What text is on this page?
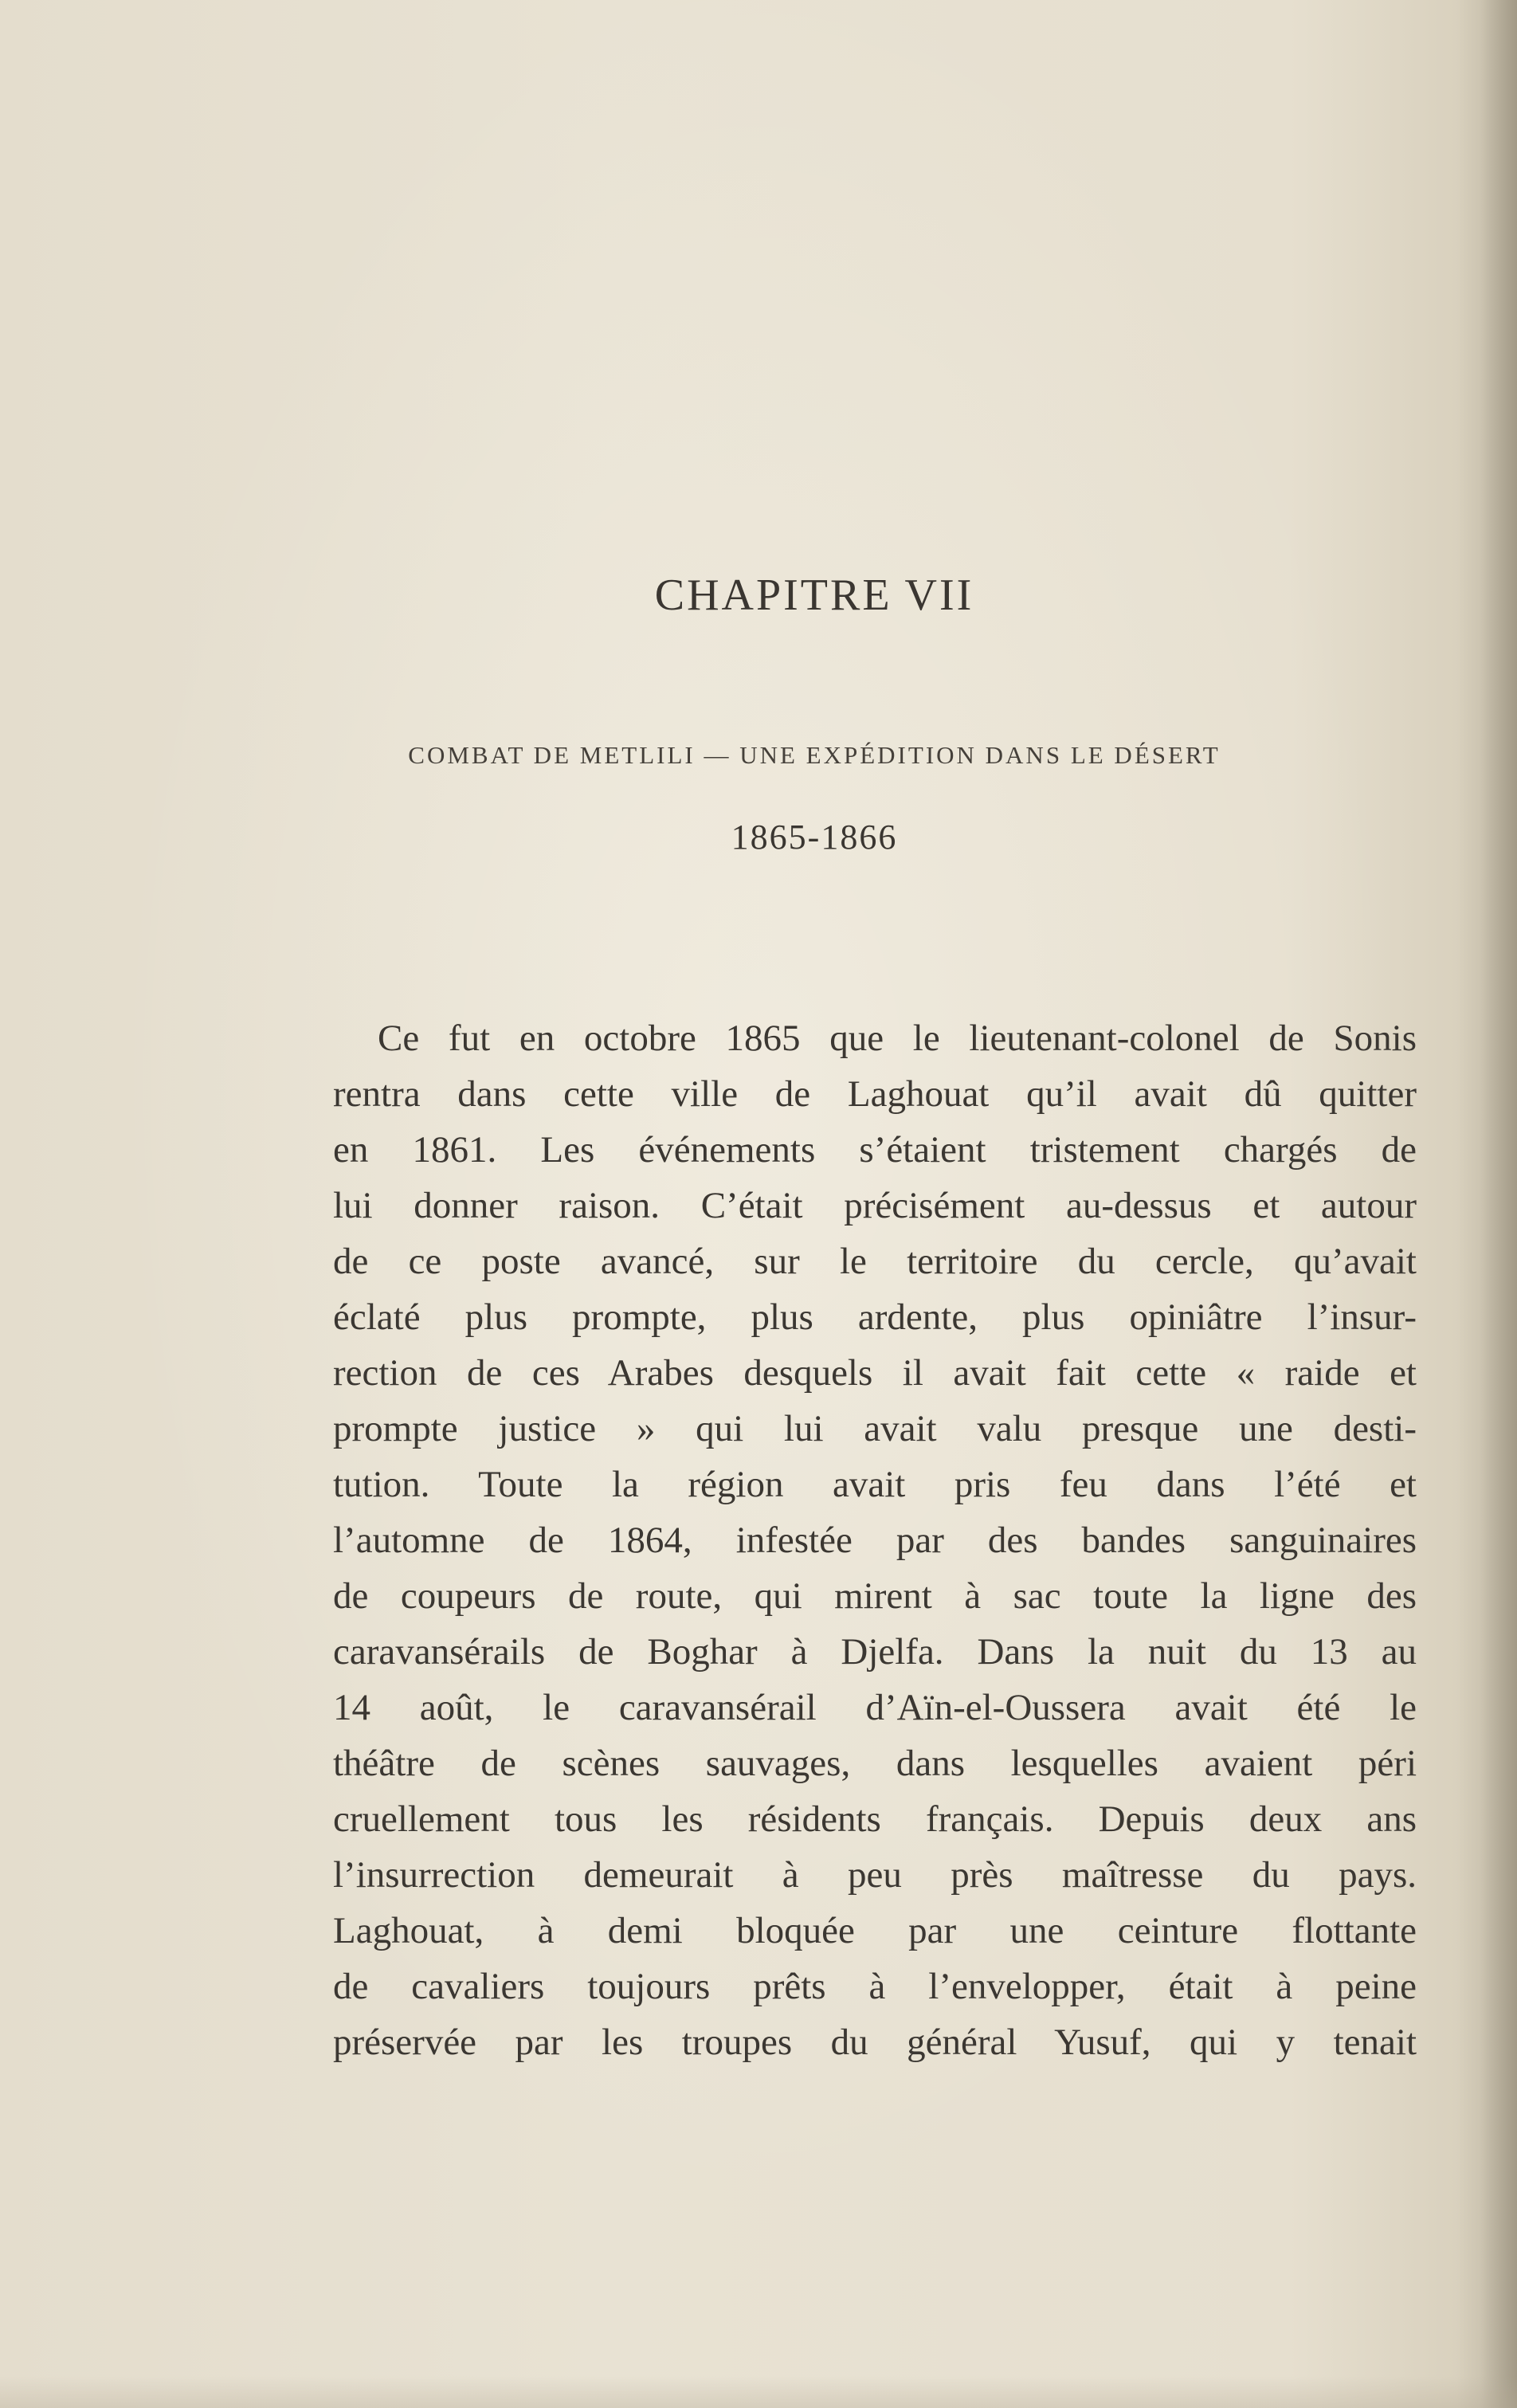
CHAPITRE VII
COMBAT DE METLILI — UNE EXPÉDITION DANS LE DÉSERT
1865-1866
Ce fut en octobre 1865 que le lieutenant-colonel de Sonis
rentra dans cette ville de Laghouat qu’il avait dû quitter
en 1861. Les événements s’étaient tristement chargés de
lui donner raison. C’était précisément au-dessus et autour
de ce poste avancé, sur le territoire du cercle, qu’avait
éclaté plus prompte, plus ardente, plus opiniâtre l’insur-
rection de ces Arabes desquels il avait fait cette « raide et
prompte justice » qui lui avait valu presque une desti-
tution. Toute la région avait pris feu dans l’été et
l’automne de 1864, infestée par des bandes sanguinaires
de coupeurs de route, qui mirent à sac toute la ligne des
caravansérails de Boghar à Djelfa. Dans la nuit du 13 au
14 août, le caravansérail d’Aïn-el-Oussera avait été le
théâtre de scènes sauvages, dans lesquelles avaient péri
cruellement tous les résidents français. Depuis deux ans
l’insurrection demeurait à peu près maîtresse du pays.
Laghouat, à demi bloquée par une ceinture flottante
de cavaliers toujours prêts à l’envelopper, était à peine
préservée par les troupes du général Yusuf, qui y tenait
